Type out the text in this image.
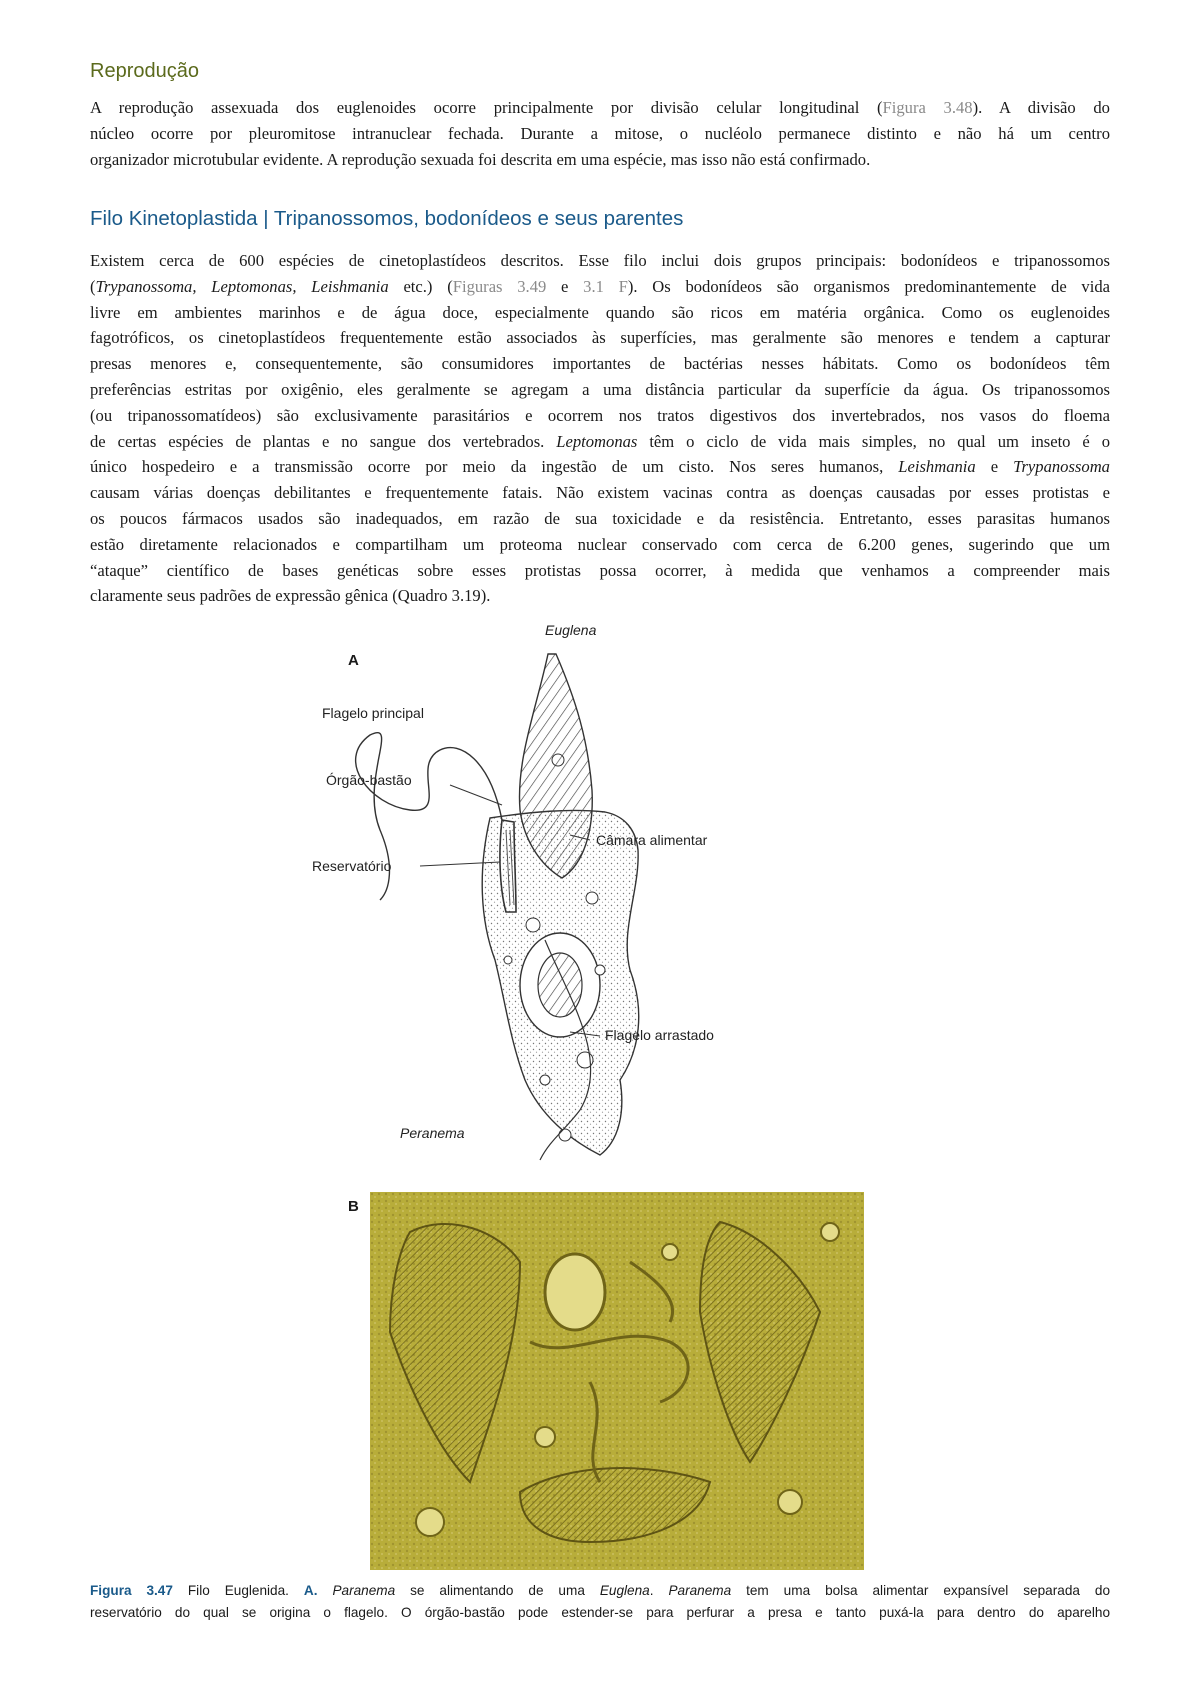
Reprodução
A reprodução assexuada dos euglenoides ocorre principalmente por divisão celular longitudinal (Figura 3.48). A divisão do
núcleo ocorre por pleuromitose intranuclear fechada. Durante a mitose, o nucléolo permanece distinto e não há um centro
organizador microtubular evidente. A reprodução sexuada foi descrita em uma espécie, mas isso não está confirmado.
Filo Kinetoplastida | Tripanossomos, bodonídeos e seus parentes
Existem cerca de 600 espécies de cinetoplastídeos descritos. Esse filo inclui dois grupos principais: bodonídeos e tripanossomos
(Trypanossoma, Leptomonas, Leishmania etc.) (Figuras 3.49 e 3.1 F). Os bodonídeos são organismos predominantemente de vida
livre em ambientes marinhos e de água doce, especialmente quando são ricos em matéria orgânica. Como os euglenoides
fagotróficos, os cinetoplastídeos frequentemente estão associados às superfícies, mas geralmente são menores e tendem a capturar
presas menores e, consequentemente, são consumidores importantes de bactérias nesses hábitats. Como os bodonídeos têm
preferências estritas por oxigênio, eles geralmente se agregam a uma distância particular da superfície da água. Os tripanossomos
(ou tripanossomatídeos) são exclusivamente parasitários e ocorrem nos tratos digestivos dos invertebrados, nos vasos do floema
de certas espécies de plantas e no sangue dos vertebrados. Leptomonas têm o ciclo de vida mais simples, no qual um inseto é o
único hospedeiro e a transmissão ocorre por meio da ingestão de um cisto. Nos seres humanos, Leishmania e Trypanossoma
causam várias doenças debilitantes e frequentemente fatais. Não existem vacinas contra as doenças causadas por esses protistas e
os poucos fármacos usados são inadequados, em razão de sua toxicidade e da resistência. Entretanto, esses parasitas humanos
estão diretamente relacionados e compartilham um proteoma nuclear conservado com cerca de 6.200 genes, sugerindo que um
“ataque” científico de bases genéticas sobre esses protistas possa ocorrer, à medida que venhamos a compreender mais
claramente seus padrões de expressão gênica (Quadro 3.19).
A
Euglena
Flagelo principal
Órgão-bastão
Câmara alimentar
Reservatório
Flagelo arrastado
Peranema
B
Figura 3.47 Filo Euglenida. A. Paranema se alimentando de uma Euglena. Paranema tem uma bolsa alimentar expansível separada do
reservatório do qual se origina o flagelo. O órgão-bastão pode estender-se para perfurar a presa e tanto puxá-la para dentro do aparelho
